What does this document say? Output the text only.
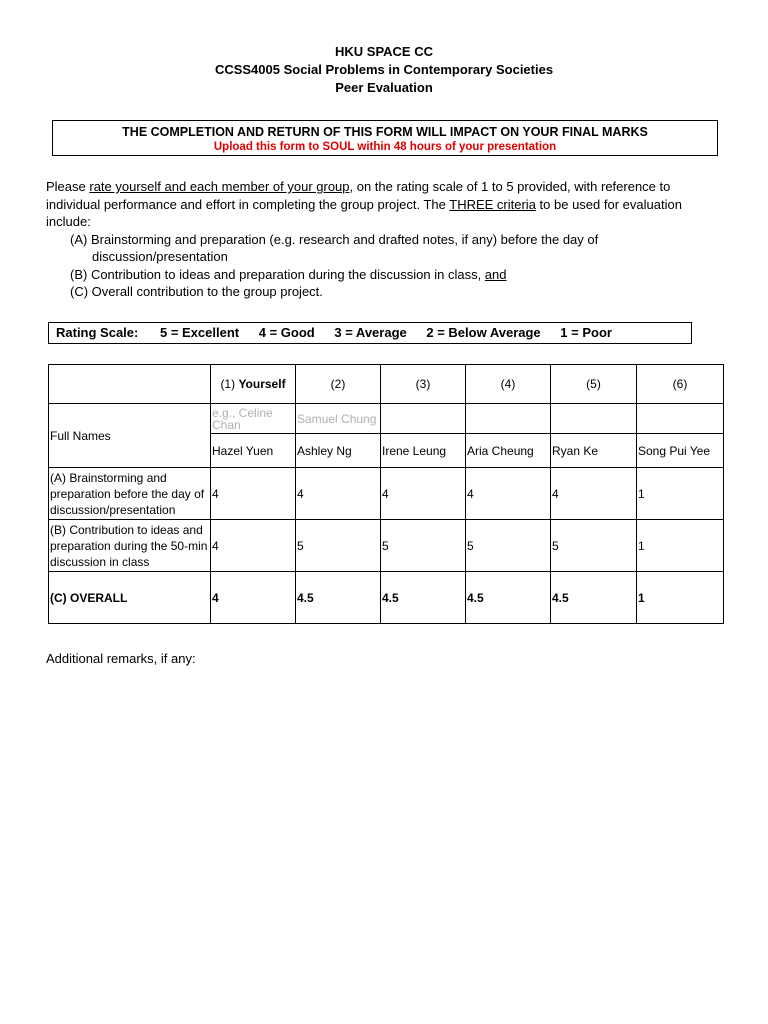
HKU SPACE CC
CCSS4005 Social Problems in Contemporary Societies
Peer Evaluation
THE COMPLETION AND RETURN OF THIS FORM WILL IMPACT ON YOUR FINAL MARKS
Upload this form to SOUL within 48 hours of your presentation
Please rate yourself and each member of your group, on the rating scale of 1 to 5 provided, with reference to individual performance and effort in completing the group project. The THREE criteria to be used for evaluation include:
(A) Brainstorming and preparation (e.g. research and drafted notes, if any) before the day of discussion/presentation
(B) Contribution to ideas and preparation during the discussion in class, and
(C) Overall contribution to the group project.
Rating Scale: 5 = Excellent 4 = Good 3 = Average 2 = Below Average 1 = Poor
	(1) Yourself	(2)	(3)	(4)	(5)	(6)
Full Names	e.g., Celine Chan	Samuel Chung				
	Hazel Yuen	Ashley Ng	Irene Leung	Aria Cheung	Ryan Ke	Song Pui Yee
(A) Brainstorming and preparation before the day of discussion/presentation	4	4	4	4	4	1
(B) Contribution to ideas and preparation during the 50-min discussion in class	4	5	5	5	5	1
(C) OVERALL	4	4.5	4.5	4.5	4.5	1
Additional remarks, if any:
